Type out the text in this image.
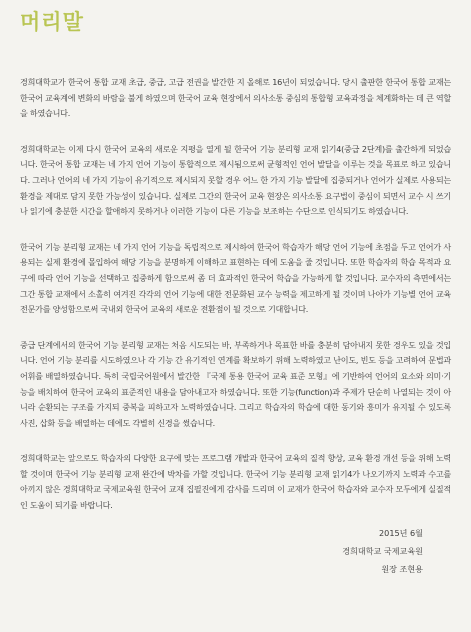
머리말

경희대학교가 한국어 통합 교재 초급, 중급, 고급 전권을 발간한 지 올해로 16년이 되었습니다. 당시 출판한 한국어 통합 교재는 한국어 교육계에 변화의 바람을 불게 하였으며 한국어 교육 현장에서 의사소통 중심의 통합형 교육과정을 체계화하는 데 큰 역할을 하였습니다.

경희대학교는 이제 다시 한국어 교육의 새로운 지평을 열게 될 한국어 기능 분리형 교재 읽기4(중급 2단계)를 출간하게 되었습니다. 한국어 통합 교재는 네 가지 언어 기능이 통합적으로 제시됨으로써 균형적인 언어 발달을 이루는 것을 목표로 하고 있습니다. 그러나 언어의 네 가지 기능이 유기적으로 제시되지 못할 경우 어느 한 가지 기능 발달에 집중되거나 언어가 실제로 사용되는 환경을 제대로 담지 못한 가능성이 있습니다. 실제로 그간의 한국어 교육 현장은 의사소통 요구법이 중심이 되면서 교수 시 쓰기나 읽기에 충분한 시간을 할애하지 못하거나 이러한 기능이 다른 기능을 보조하는 수단으로 인식되기도 하였습니다.

한국어 기능 분리형 교재는 네 가지 언어 기능을 독립적으로 제시하여 한국어 학습자가 해당 언어 기능에 초점을 두고 언어가 사용되는 실제 환경에 몰입하여 해당 기능을 분명하게 이해하고 표현하는 데에 도움을 줄 것입니다. 또한 학습자의 학습 목적과 요구에 따라 언어 기능을 선택하고 집중하게 함으로써 좀 더 효과적인 한국어 학습을 가능하게 할 것입니다. 교수자의 측면에서는 그간 통합 교재에서 소홀히 여겨진 각각의 언어 기능에 대한 전문화된 교수 능력을 제고하게 될 것이며 나아가 기능별 언어 교육 전문가를 양성함으로써 국내외 한국어 교육의 새로운 전환점이 될 것으로 기대합니다.

중급 단계에서의 한국어 기능 분리형 교재는 처음 시도되는 바, 부족하거나 목표한 바를 충분히 담아내지 못한 경우도 있을 것입니다. 언어 기능 분리를 시도하였으나 각 기능 간 유기적인 연계를 확보하기 위해 노력하였고 난이도, 빈도 등을 고려하여 문법과 어휘를 배열하였습니다. 특히 국립국어원에서 발간한 『국제 통용 한국어 교육 표준 모형』에 기반하여 언어의 요소와 의미·기능을 배치하여 한국어 교육의 표준적인 내용을 담아내고자 하였습니다. 또한 기능(function)과 주제가 단순히 나열되는 것이 아니라 순환되는 구조를 가지되 중복을 피하고자 노력하였습니다. 그리고 학습자의 학습에 대한 동기와 흥미가 유지될 수 있도록 사진, 삽화 등을 배열하는 데에도 각별히 신경을 썼습니다.

경희대학교는 앞으로도 학습자의 다양한 요구에 맞는 프로그램 개발과 한국어 교육의 질적 향상, 교육 환경 개선 등을 위해 노력할 것이며 한국어 기능 분리형 교재 완간에 박차를 가할 것입니다. 한국어 기능 분리형 교재 읽기4가 나오기까지 노력과 수고를 아끼지 않은 경희대학교 국제교육원 한국어 교재 집필진에게 감사를 드리며 이 교재가 한국어 학습자와 교수자 모두에게 실질적인 도움이 되기를 바랍니다.

2015년 6월
경희대학교 국제교육원
원장 조현용
